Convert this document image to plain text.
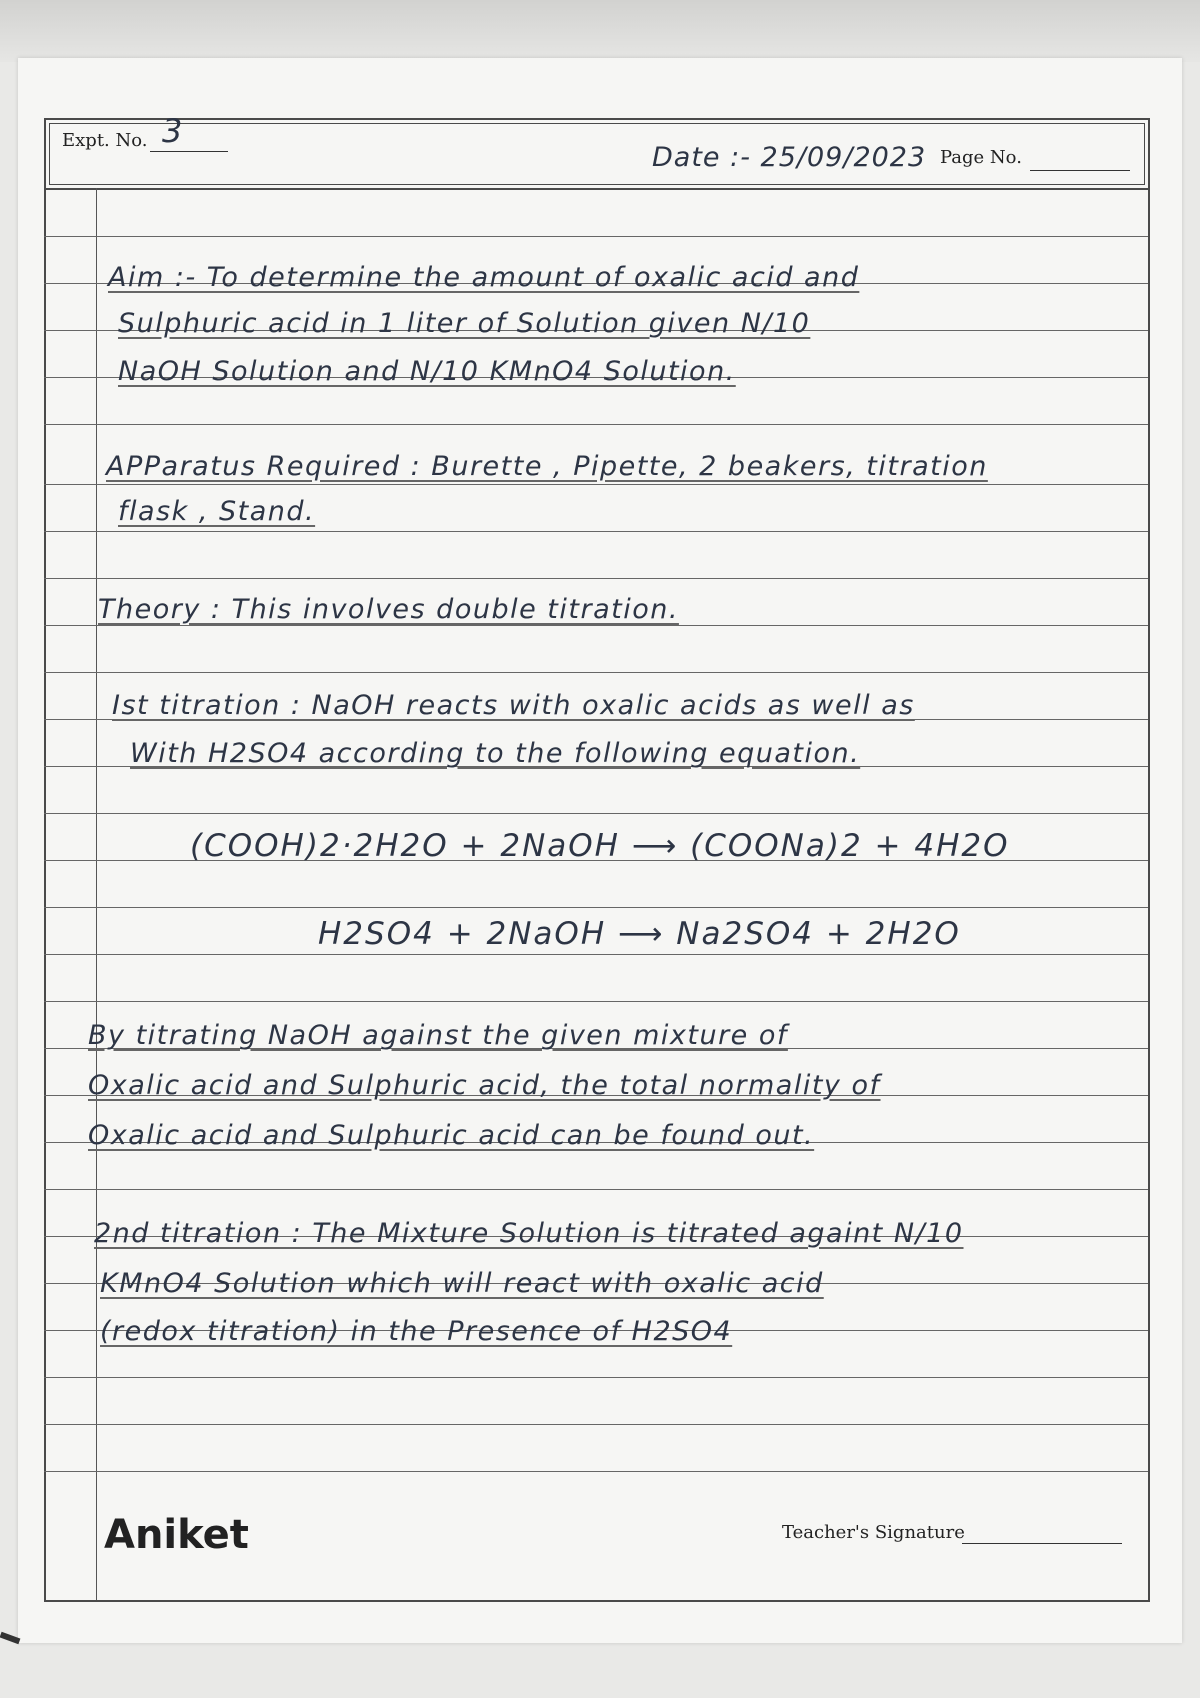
Expt. No. 3
Date :- 25/09/2023 Page No.
Aim :- To determine the amount of oxalic acid and
Sulphuric acid in 1 liter of Solution given N/10
NaOH Solution and N/10 KMnO4 Solution.
APParatus Required : Burette , Pipette, 2 beakers, titration
flask , Stand.
Theory : This involves double titration.
Ist titration : NaOH reacts with oxalic acids as well as
With H2SO4 according to the following equation.
(COOH)2·2H2O + 2NaOH ⟶ (COONa)2 + 4H2O
H2SO4 + 2NaOH ⟶ Na2SO4 + 2H2O
By titrating NaOH against the given mixture of
Oxalic acid and Sulphuric acid, the total normality of
Oxalic acid and Sulphuric acid can be found out.
2nd titration : The Mixture Solution is titrated againt N/10
KMnO4 Solution which will react with oxalic acid
(redox titration) in the Presence of H2SO4
Aniket	Teacher's Signature
